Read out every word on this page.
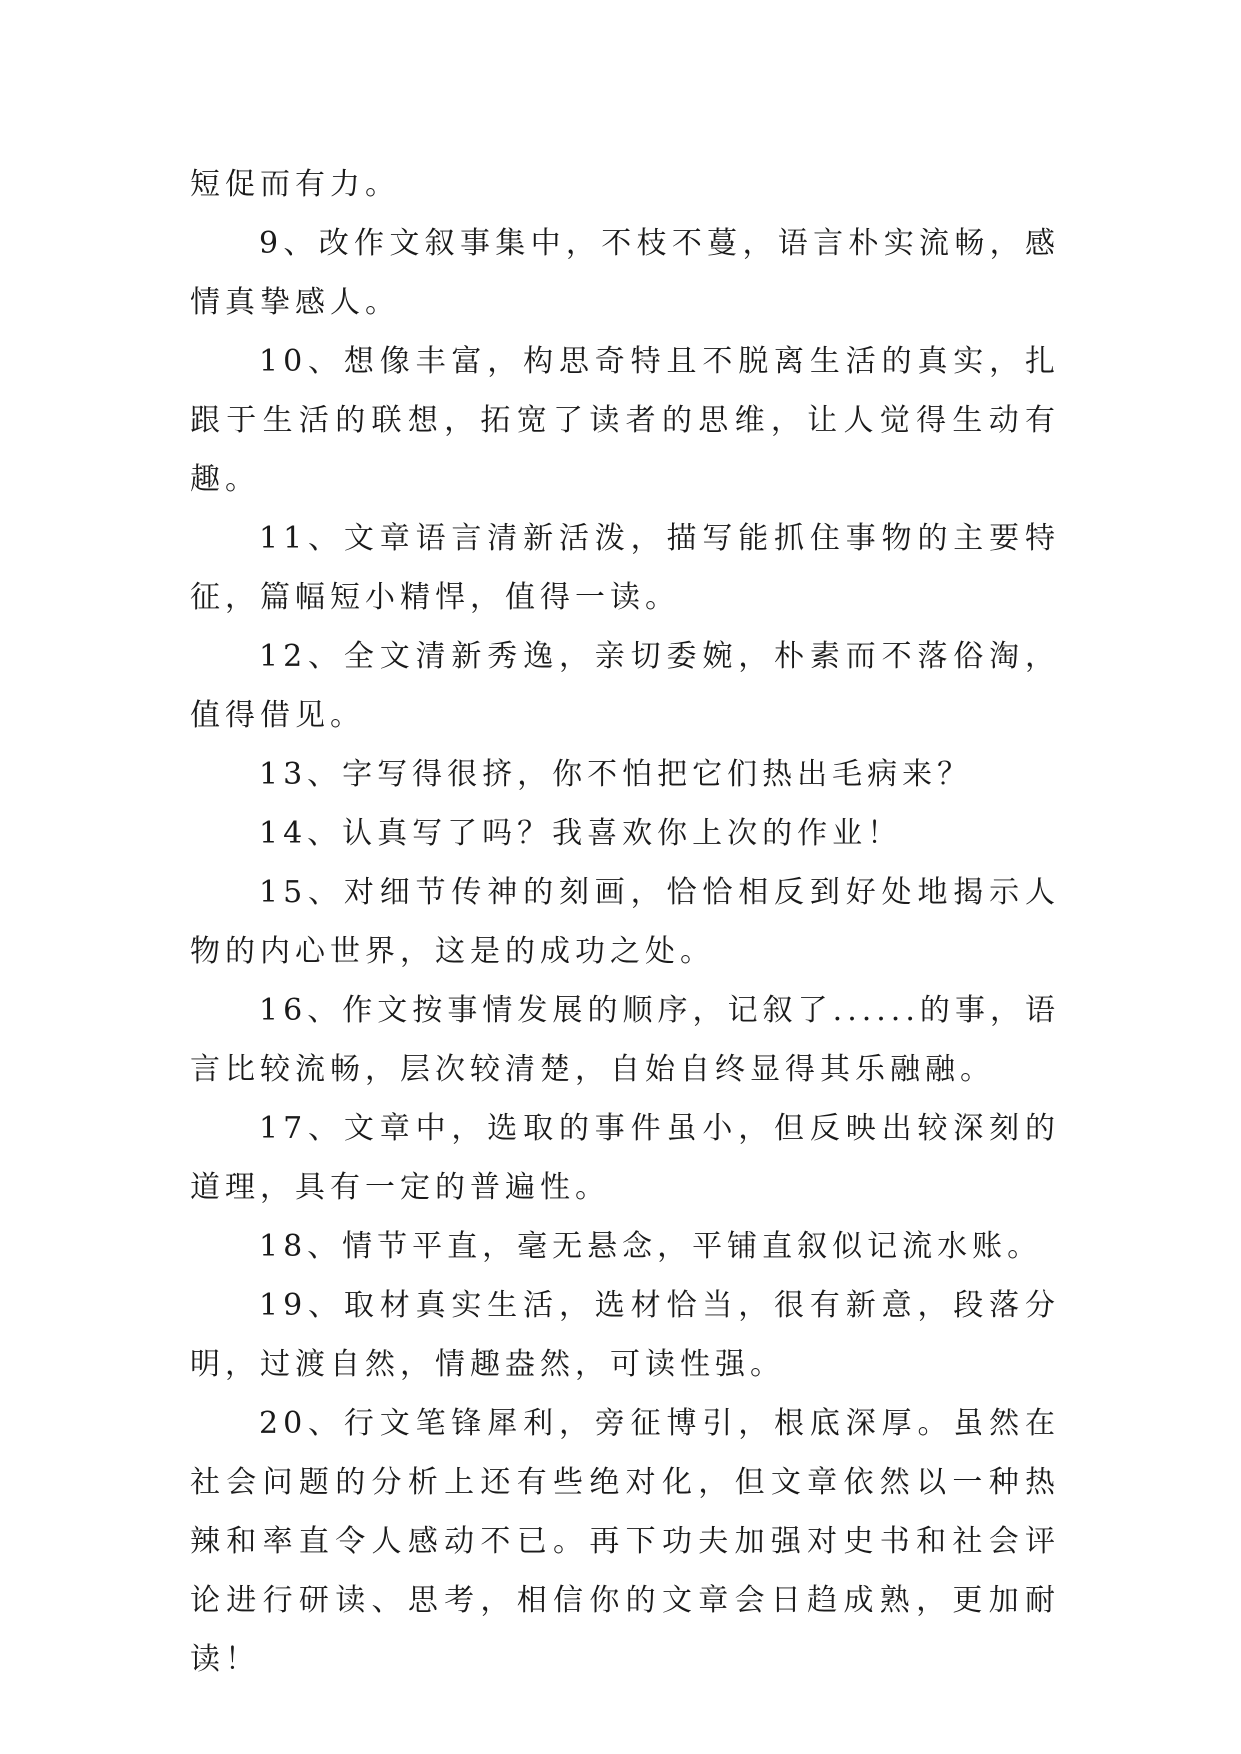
短促而有力。

9、改作文叙事集中，不枝不蔓，语言朴实流畅，感情真挚感人。

10、想像丰富，构思奇特且不脱离生活的真实，扎跟于生活的联想，拓宽了读者的思维，让人觉得生动有趣。

11、文章语言清新活泼，描写能抓住事物的主要特征，篇幅短小精悍，值得一读。

12、全文清新秀逸，亲切委婉，朴素而不落俗淘，值得借见。

13、字写得很挤，你不怕把它们热出毛病来？

14、认真写了吗？我喜欢你上次的作业！

15、对细节传神的刻画，恰恰相反到好处地揭示人物的内心世界，这是的成功之处。

16、作文按事情发展的顺序，记叙了......的事，语言比较流畅，层次较清楚，自始自终显得其乐融融。

17、文章中，选取的事件虽小，但反映出较深刻的道理，具有一定的普遍性。

18、情节平直，毫无悬念，平铺直叙似记流水账。

19、取材真实生活，选材恰当，很有新意，段落分明，过渡自然，情趣盎然，可读性强。

20、行文笔锋犀利，旁征博引，根底深厚。虽然在社会问题的分析上还有些绝对化，但文章依然以一种热辣和率直令人感动不已。再下功夫加强对史书和社会评论进行研读、思考，相信你的文章会日趋成熟，更加耐读！
